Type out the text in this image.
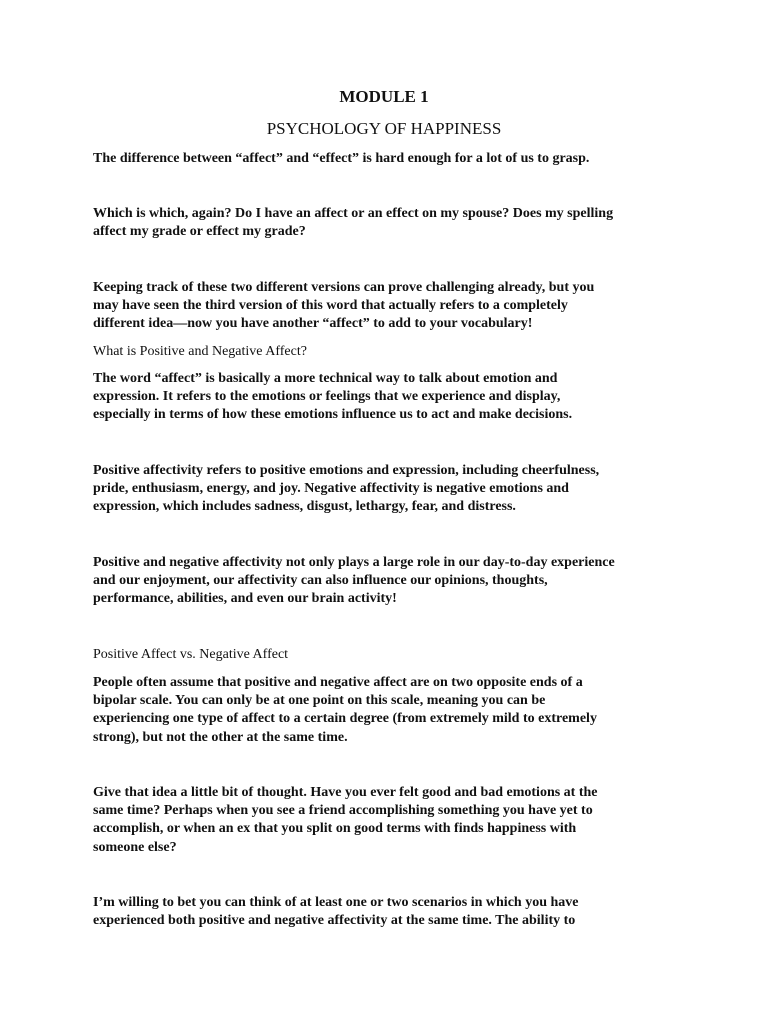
MODULE 1
PSYCHOLOGY OF HAPPINESS

The difference between “affect” and “effect” is hard enough for a lot of us to grasp.

Which is which, again? Do I have an affect or an effect on my spouse? Does my spelling
affect my grade or effect my grade?

Keeping track of these two different versions can prove challenging already, but you
may have seen the third version of this word that actually refers to a completely
different idea—now you have another “affect” to add to your vocabulary!

What is Positive and Negative Affect?

The word “affect” is basically a more technical way to talk about emotion and
expression. It refers to the emotions or feelings that we experience and display,
especially in terms of how these emotions influence us to act and make decisions.

Positive affectivity refers to positive emotions and expression, including cheerfulness,
pride, enthusiasm, energy, and joy. Negative affectivity is negative emotions and
expression, which includes sadness, disgust, lethargy, fear, and distress.

Positive and negative affectivity not only plays a large role in our day-to-day experience
and our enjoyment, our affectivity can also influence our opinions, thoughts,
performance, abilities, and even our brain activity!

Positive Affect vs. Negative Affect

People often assume that positive and negative affect are on two opposite ends of a
bipolar scale. You can only be at one point on this scale, meaning you can be
experiencing one type of affect to a certain degree (from extremely mild to extremely
strong), but not the other at the same time.

Give that idea a little bit of thought. Have you ever felt good and bad emotions at the
same time? Perhaps when you see a friend accomplishing something you have yet to
accomplish, or when an ex that you split on good terms with finds happiness with
someone else?

I’m willing to bet you can think of at least one or two scenarios in which you have
experienced both positive and negative affectivity at the same time. The ability to
